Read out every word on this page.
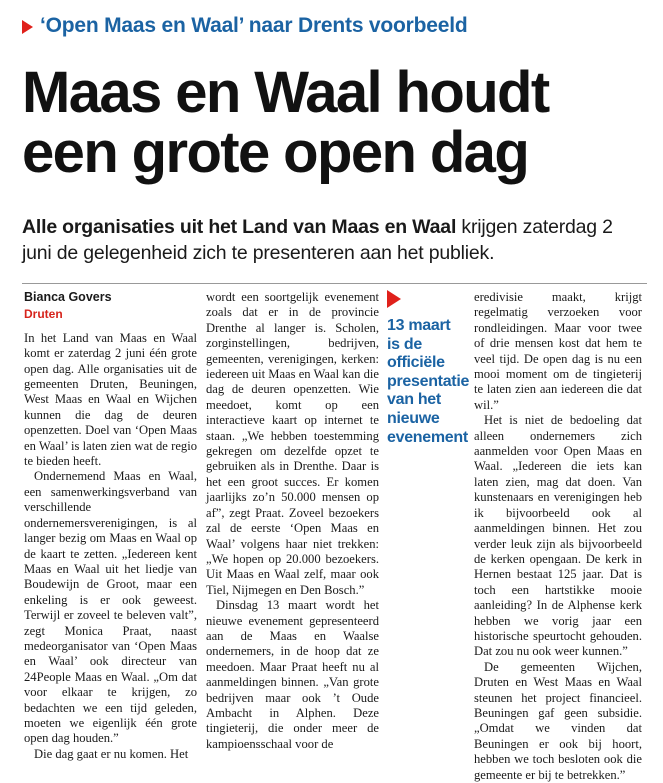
‘Open Maas en Waal’ naar Drents voorbeeld
Maas en Waal houdt
een grote open dag
Alle organisaties uit het Land van Maas en Waal krijgen zaterdag 2 juni de gelegenheid zich te presenteren aan het publiek.
Bianca Govers
Druten

In het Land van Maas en Waal komt er zaterdag 2 juni één grote open dag. Alle organisaties uit de gemeenten Druten, Beuningen, West Maas en Waal en Wijchen kunnen die dag de deuren openzetten. Doel van ‘Open Maas en Waal’ is laten zien wat de regio te bieden heeft.

Ondernemend Maas en Waal, een samenwerkingsverband van verschillende ondernemersverenigingen, is al langer bezig om Maas en Waal op de kaart te zetten. „Iedereen kent Maas en Waal uit het liedje van Boudewijn de Groot, maar een enkeling is er ook geweest. Terwijl er zoveel te beleven valt”, zegt Monica Praat, naast medeorganisator van ‘Open Maas en Waal’ ook directeur van 24People Maas en Waal. „Om dat voor elkaar te krijgen, zo bedachten we een tijd geleden, moeten we eigenlijk één grote open dag houden.”

Die dag gaat er nu komen. Het

wordt een soortgelijk evenement zoals dat er in de provincie Drenthe al langer is. Scholen, zorginstellingen, bedrijven, gemeenten, verenigingen, kerken: iedereen uit Maas en Waal kan die dag de deuren openzetten. Wie meedoet, komt op een interactieve kaart op internet te staan. „We hebben toestemming gekregen om dezelfde opzet te gebruiken als in Drenthe. Daar is het een groot succes. Er komen jaarlijks zo’n 50.000 mensen op af”, zegt Praat. Zoveel bezoekers zal de eerste ‘Open Maas en Waal’ volgens haar niet trekken: „We hopen op 20.000 bezoekers. Uit Maas en Waal zelf, maar ook Tiel, Nijmegen en Den Bosch.”

Dinsdag 13 maart wordt het nieuwe evenement gepresenteerd aan de Maas en Waalse ondernemers, in de hoop dat ze meedoen. Maar Praat heeft nu al aanmeldingen binnen. „Van grote bedrijven maar ook ’t Oude Ambacht in Alphen. Deze tingieterij, die onder meer de kampioensschaal voor de

13 maart is de officiële presentatie van het nieuwe evenement

eredivisie maakt, krijgt regelmatig verzoeken voor rondleidingen. Maar voor twee of drie mensen kost dat hem te veel tijd. De open dag is nu een mooi moment om de tingieterij te laten zien aan iedereen die dat wil.”

Het is niet de bedoeling dat alleen ondernemers zich aanmelden voor Open Maas en Waal. „Iedereen die iets kan laten zien, mag dat doen. Van kunstenaars en verenigingen heb ik bijvoorbeeld ook al aanmeldingen binnen. Het zou verder leuk zijn als bijvoorbeeld de kerken opengaan. De kerk in Hernen bestaat 125 jaar. Dat is toch een hartstikke mooie aanleiding? In de Alphense kerk hebben we vorig jaar een historische speurtocht gehouden. Dat zou nu ook weer kunnen.”

De gemeenten Wijchen, Druten en West Maas en Waal steunen het project financieel. Beuningen gaf geen subsidie. „Omdat we vinden dat Beuningen er ook bij hoort, hebben we toch besloten ook die gemeente er bij te betrekken.”
